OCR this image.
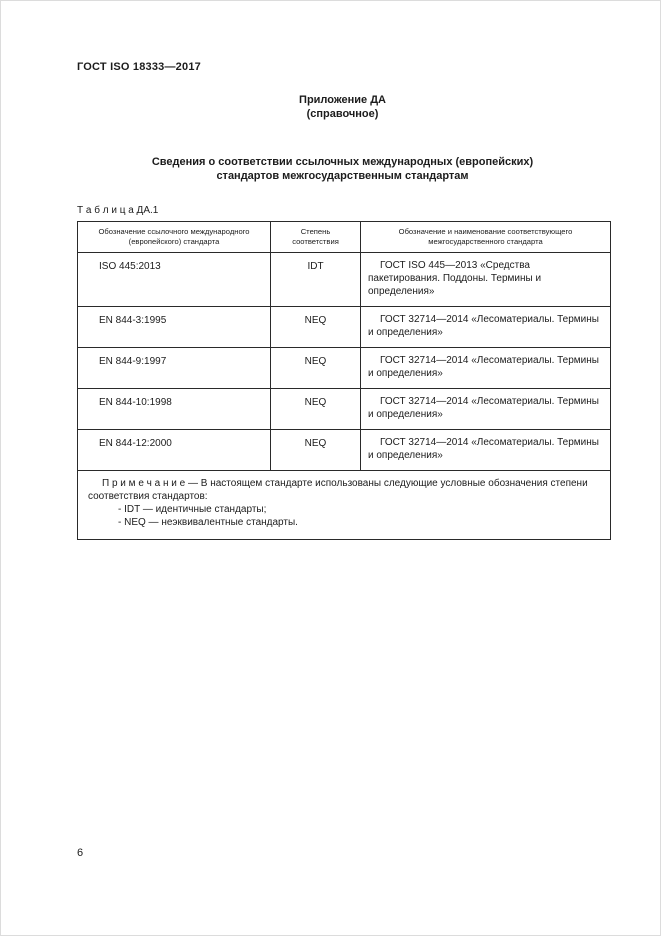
ГОСТ ISO 18333—2017
Приложение ДА
(справочное)
Сведения о соответствии ссылочных международных (европейских)
стандартов межгосударственным стандартам
Т а б л и ц а ДА.1
Обозначение ссылочного международного (европейского) стандарта	Степень соответствия	Обозначение и наименование соответствующего межгосударственного стандарта
ISO 445:2013	IDT	ГОСТ ISO 445—2013 «Средства пакетирования. Поддоны. Термины и определения»

EN 844-3:1995	NEQ	ГОСТ 32714—2014 «Лесоматериалы. Термины и определения»

EN 844-9:1997	NEQ	ГОСТ 32714—2014 «Лесоматериалы. Термины и определения»

EN 844-10:1998	NEQ	ГОСТ 32714—2014 «Лесоматериалы. Термины и определения»

EN 844-12:2000	NEQ	ГОСТ 32714—2014 «Лесоматериалы. Термины и определения»

П р и м е ч а н и е — В настоящем стандарте использованы следующие условные обозначения степени соответствия стандартов:
- IDT — идентичные стандарты;
- NEQ — неэквивалентные стандарты.		
6
